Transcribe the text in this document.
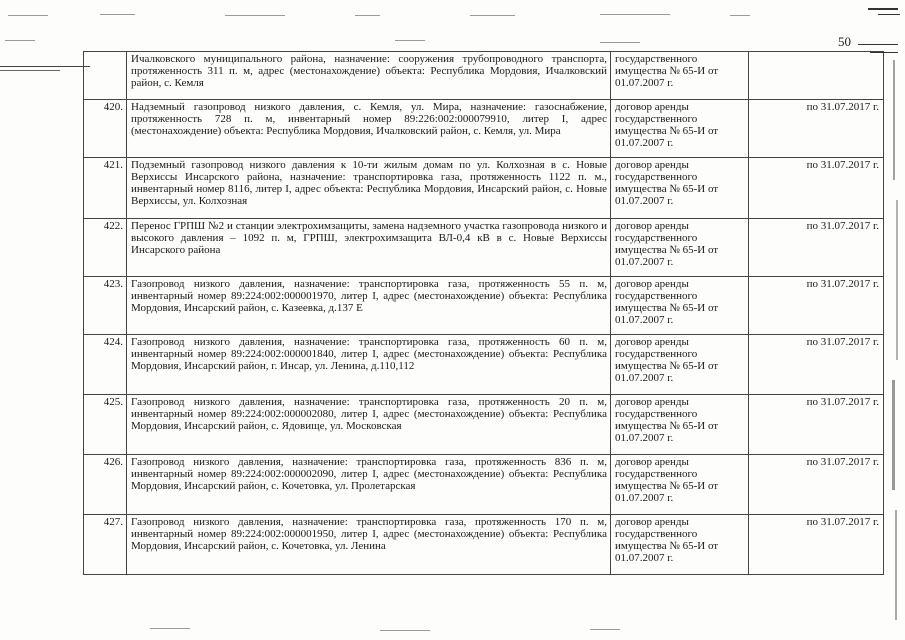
50
	Ичалковского муниципального района, назначение: сооружения трубопроводного транспорта, протяженность 311 п. м, адрес (местонахождение) объекта: Республика Мордовия, Ичалковский район, с. Кемля	государственного имущества № 65-И от 01.07.2007 г.	
420.	Надземный газопровод низкого давления, с. Кемля, ул. Мира, назначение: газоснабжение, протяженность 728 п. м, инвентарный номер 89:226:002:000079910, литер I, адрес (местонахождение) объекта: Республика Мордовия, Ичалковский район, с. Кемля, ул. Мира	договор аренды государственного имущества № 65-И от 01.07.2007 г.	по 31.07.2017 г.
421.	Подземный газопровод низкого давления к 10-ти жилым домам по ул. Колхозная в с. Новые Верхиссы Инсарского района, назначение: транспортировка газа, протяженность 1122 п. м., инвентарный номер 8116, литер I, адрес объекта: Республика Мордовия, Инсарский район, с. Новые Верхиссы, ул. Колхозная	договор аренды государственного имущества № 65-И от 01.07.2007 г.	по 31.07.2017 г.
422.	Перенос ГРПШ №2 и станции электрохимзащиты, замена надземного участка газопровода низкого и высокого давления – 1092 п. м, ГРПШ, электрохимзащита ВЛ-0,4 кВ в с. Новые Верхиссы Инсарского района	договор аренды государственного имущества № 65-И от 01.07.2007 г.	по 31.07.2017 г.
423.	Газопровод низкого давления, назначение: транспортировка газа, протяженность 55 п. м, инвентарный номер 89:224:002:000001970, литер I, адрес (местонахождение) объекта: Республика Мордовия, Инсарский район, с. Казеевка, д.137 Е	договор аренды государственного имущества № 65-И от 01.07.2007 г.	по 31.07.2017 г.
424.	Газопровод низкого давления, назначение: транспортировка газа, протяженность 60 п. м, инвентарный номер 89:224:002:000001840, литер I, адрес (местонахождение) объекта: Республика Мордовия, Инсарский район, г. Инсар, ул. Ленина, д.110,112	договор аренды государственного имущества № 65-И от 01.07.2007 г.	по 31.07.2017 г.
425.	Газопровод низкого давления, назначение: транспортировка газа, протяженность 20 п. м, инвентарный номер 89:224:002:000002080, литер I, адрес (местонахождение) объекта: Республика Мордовия, Инсарский район, с. Ядовище, ул. Московская	договор аренды государственного имущества № 65-И от 01.07.2007 г.	по 31.07.2017 г.
426.	Газопровод низкого давления, назначение: транспортировка газа, протяженность 836 п. м, инвентарный номер 89:224:002:000002090, литер I, адрес (местонахождение) объекта: Республика Мордовия, Инсарский район, с. Кочетовка, ул. Пролетарская	договор аренды государственного имущества № 65-И от 01.07.2007 г.	по 31.07.2017 г.
427.	Газопровод низкого давления, назначение: транспортировка газа, протяженность 170 п. м, инвентарный номер 89:224:002:000001950, литер I, адрес (местонахождение) объекта: Республика Мордовия, Инсарский район, с. Кочетовка, ул. Ленина	договор аренды государственного имущества № 65-И от 01.07.2007 г.	по 31.07.2017 г.
